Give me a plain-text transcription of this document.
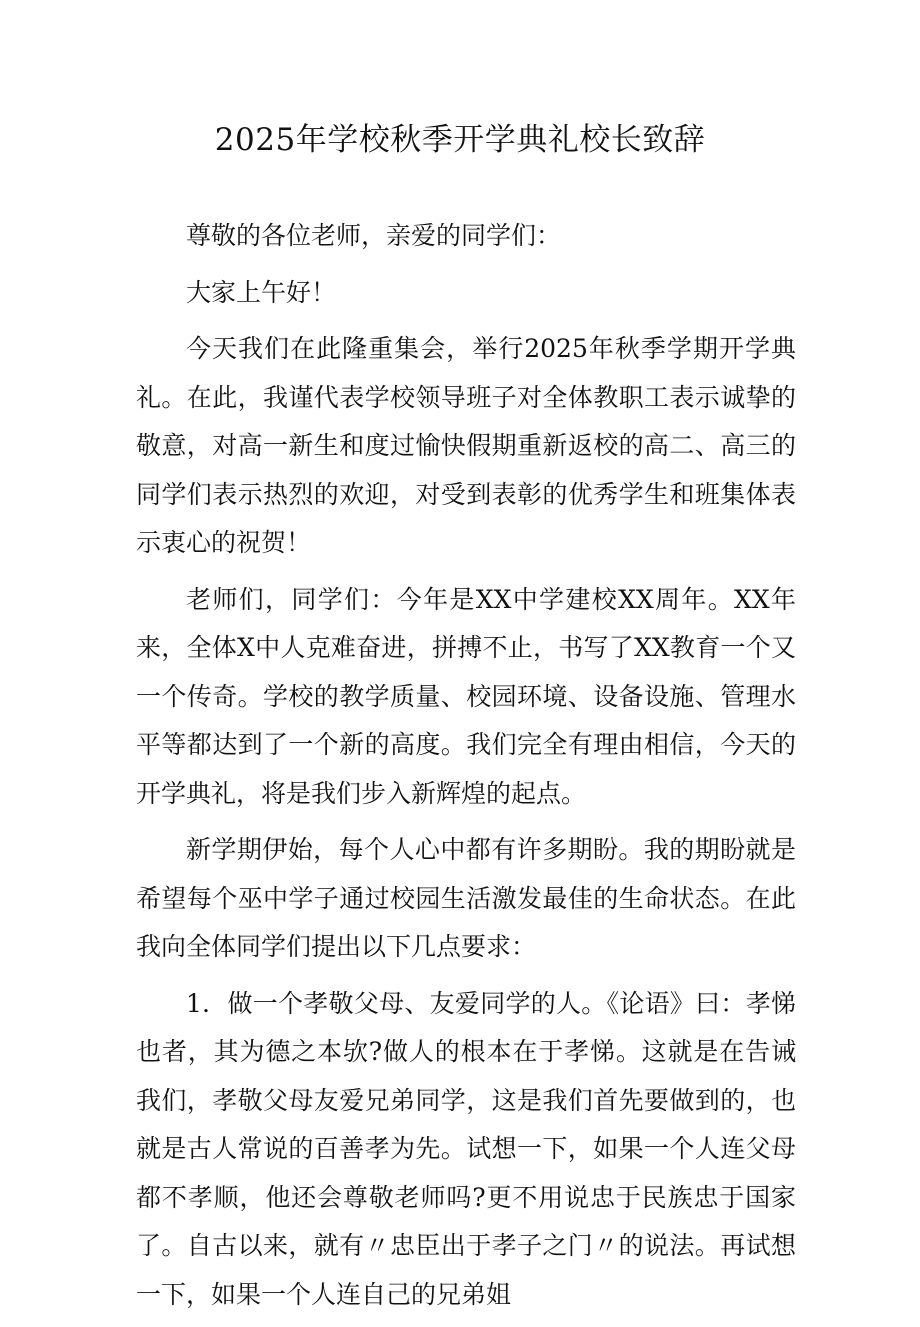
2025年学校秋季开学典礼校长致辞

尊敬的各位老师，亲爱的同学们：

大家上午好！

今天我们在此隆重集会，举行2025年秋季学期开学典礼。在此，我谨代表学校领导班子对全体教职工表示诚挚的敬意，对高一新生和度过愉快假期重新返校的高二、高三的同学们表示热烈的欢迎，对受到表彰的优秀学生和班集体表示衷心的祝贺！

老师们，同学们：今年是XX中学建校XX周年。XX年来，全体X中人克难奋进，拼搏不止，书写了XX教育一个又一个传奇。学校的教学质量、校园环境、设备设施、管理水平等都达到了一个新的高度。我们完全有理由相信，今天的开学典礼，将是我们步入新辉煌的起点。

新学期伊始，每个人心中都有许多期盼。我的期盼就是希望每个巫中学子通过校园生活激发最佳的生命状态。在此我向全体同学们提出以下几点要求：

1．做一个孝敬父母、友爱同学的人。《论语》曰：孝悌也者，其为德之本欤?做人的根本在于孝悌。这就是在告诫我们，孝敬父母友爱兄弟同学，这是我们首先要做到的，也就是古人常说的百善孝为先。试想一下，如果一个人连父母都不孝顺，他还会尊敬老师吗?更不用说忠于民族忠于国家了。自古以来，就有〃忠臣出于孝子之门〃的说法。再试想一下，如果一个人连自己的兄弟姐
